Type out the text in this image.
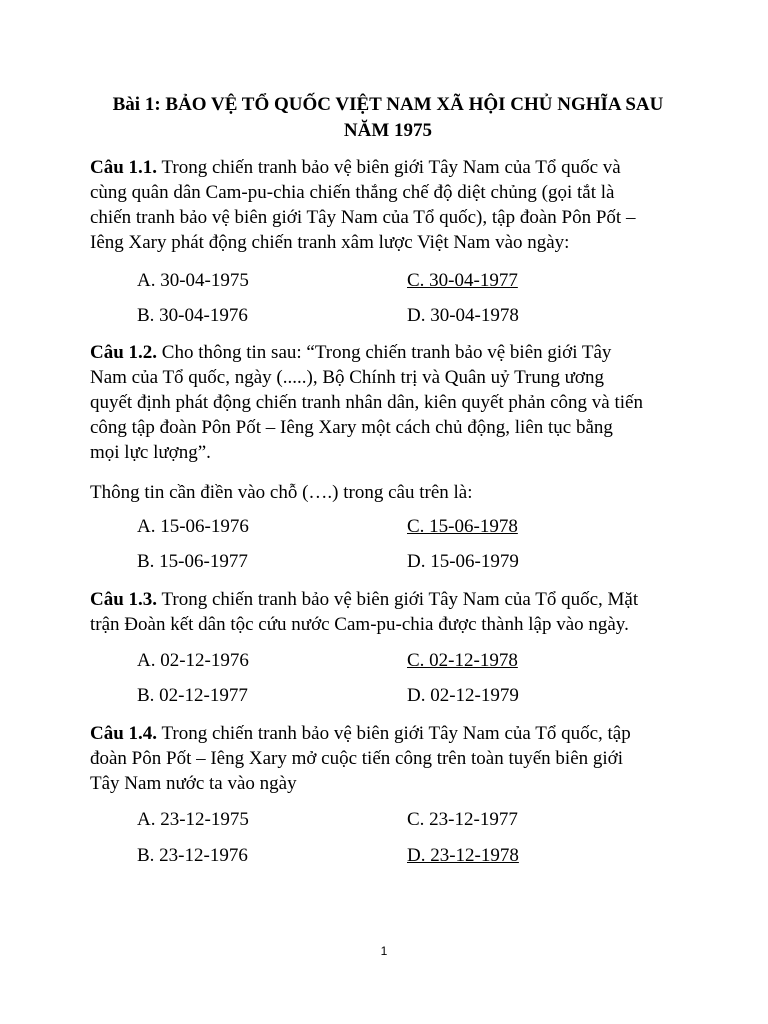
Bài 1: BẢO VỆ TỔ QUỐC VIỆT NAM XÃ HỘI CHỦ NGHĨA SAU
NĂM 1975
Câu 1.1. Trong chiến tranh bảo vệ biên giới Tây Nam của Tổ quốc và
cùng quân dân Cam-pu-chia chiến thắng chế độ diệt chủng (gọi tắt là
chiến tranh bảo vệ biên giới Tây Nam của Tổ quốc), tập đoàn Pôn Pốt –
Iêng Xary phát động chiến tranh xâm lược Việt Nam vào ngày:
A. 30-04-1975	C. 30-04-1977
B. 30-04-1976	D. 30-04-1978
Câu 1.2. Cho thông tin sau: “Trong chiến tranh bảo vệ biên giới Tây
Nam của Tổ quốc, ngày (.....), Bộ Chính trị và Quân uỷ Trung ương
quyết định phát động chiến tranh nhân dân, kiên quyết phản công và tiến
công tập đoàn Pôn Pốt – Iêng Xary một cách chủ động, liên tục bằng
mọi lực lượng”.
Thông tin cần điền vào chỗ (….) trong câu trên là:
A. 15-06-1976	C. 15-06-1978
B. 15-06-1977	D. 15-06-1979
Câu 1.3. Trong chiến tranh bảo vệ biên giới Tây Nam của Tổ quốc, Mặt
trận Đoàn kết dân tộc cứu nước Cam-pu-chia được thành lập vào ngày.
A. 02-12-1976	C. 02-12-1978
B. 02-12-1977	D. 02-12-1979
Câu 1.4. Trong chiến tranh bảo vệ biên giới Tây Nam của Tổ quốc, tập
đoàn Pôn Pốt – Iêng Xary mở cuộc tiến công trên toàn tuyến biên giới
Tây Nam nước ta vào ngày
A. 23-12-1975	C. 23-12-1977
B. 23-12-1976	D. 23-12-1978
1
